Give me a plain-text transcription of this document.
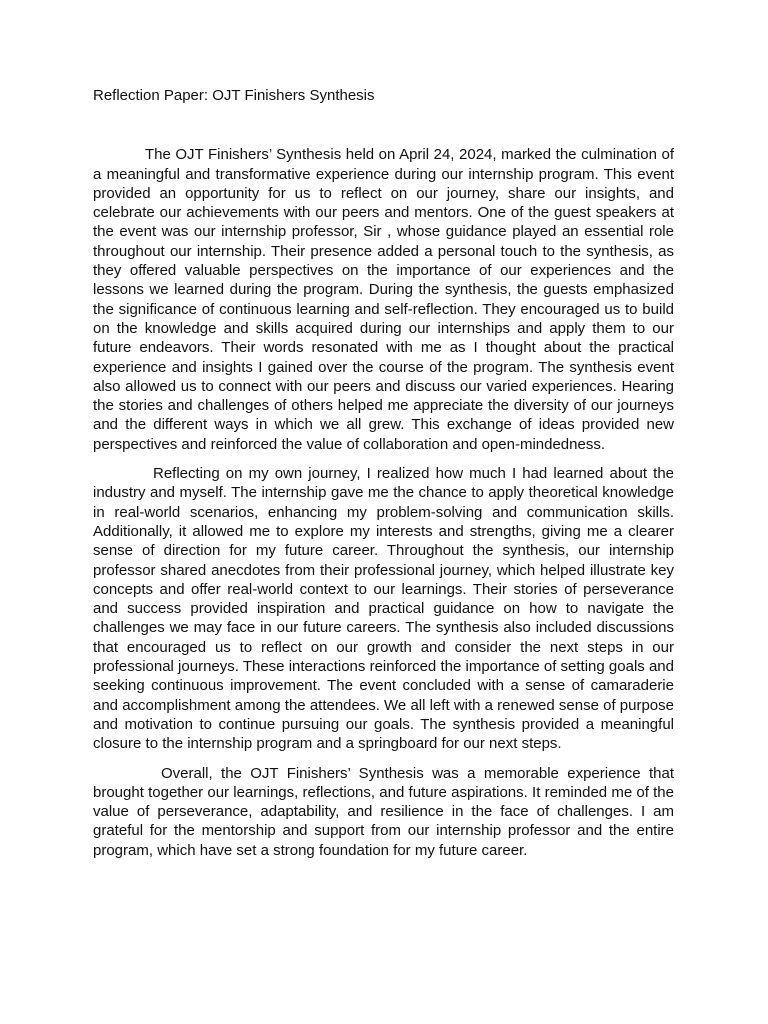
Reflection Paper: OJT Finishers Synthesis

The OJT Finishers’ Synthesis held on April 24, 2024, marked the culmination of a meaningful and transformative experience during our internship program. This event provided an opportunity for us to reflect on our journey, share our insights, and celebrate our achievements with our peers and mentors. One of the guest speakers at the event was our internship professor, Sir , whose guidance played an essential role throughout our internship. Their presence added a personal touch to the synthesis, as they offered valuable perspectives on the importance of our experiences and the lessons we learned during the program. During the synthesis, the guests emphasized the significance of continuous learning and self-reflection. They encouraged us to build on the knowledge and skills acquired during our internships and apply them to our future endeavors. Their words resonated with me as I thought about the practical experience and insights I gained over the course of the program. The synthesis event also allowed us to connect with our peers and discuss our varied experiences. Hearing the stories and challenges of others helped me appreciate the diversity of our journeys and the different ways in which we all grew. This exchange of ideas provided new perspectives and reinforced the value of collaboration and open-mindedness.

Reflecting on my own journey, I realized how much I had learned about the industry and myself. The internship gave me the chance to apply theoretical knowledge in real-world scenarios, enhancing my problem-solving and communication skills. Additionally, it allowed me to explore my interests and strengths, giving me a clearer sense of direction for my future career. Throughout the synthesis, our internship professor shared anecdotes from their professional journey, which helped illustrate key concepts and offer real-world context to our learnings. Their stories of perseverance and success provided inspiration and practical guidance on how to navigate the challenges we may face in our future careers. The synthesis also included discussions that encouraged us to reflect on our growth and consider the next steps in our professional journeys. These interactions reinforced the importance of setting goals and seeking continuous improvement. The event concluded with a sense of camaraderie and accomplishment among the attendees. We all left with a renewed sense of purpose and motivation to continue pursuing our goals. The synthesis provided a meaningful closure to the internship program and a springboard for our next steps.

Overall, the OJT Finishers’ Synthesis was a memorable experience that brought together our learnings, reflections, and future aspirations. It reminded me of the value of perseverance, adaptability, and resilience in the face of challenges. I am grateful for the mentorship and support from our internship professor and the entire program, which have set a strong foundation for my future career.
